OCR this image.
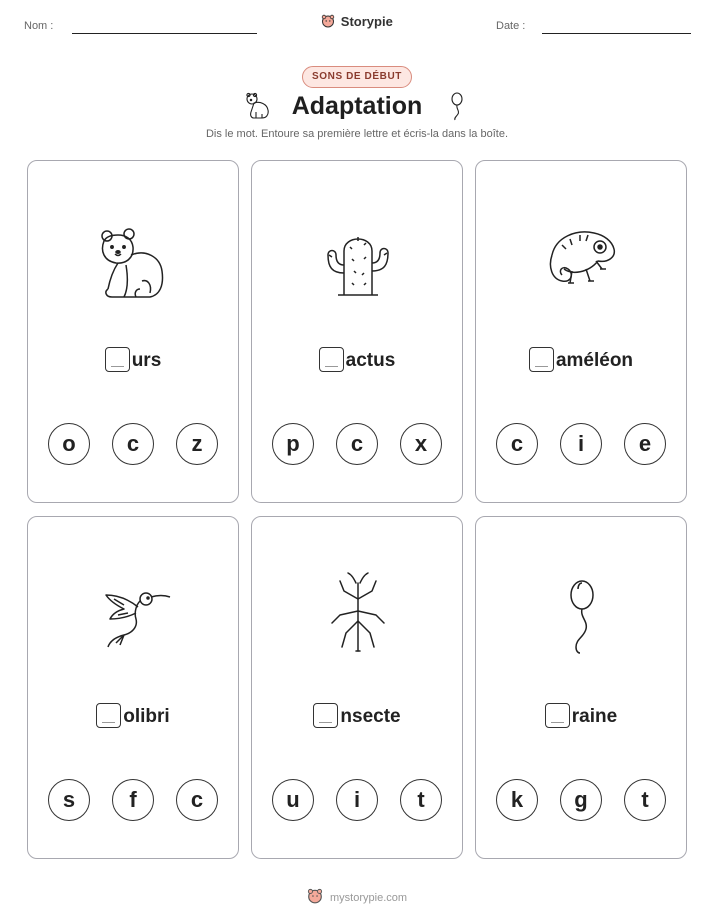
Nom :	Storypie	Date :
SONS DE DÉBUT
Adaptation
Dis le mot. Entoure sa première lettre et écris-la dans la boîte.
urs
o	c	z
actus
p	c	x
améléon
c	i	e
olibri
s	f	c
nsecte
u	i	t
raine
k	g	t
mystorypie.com
